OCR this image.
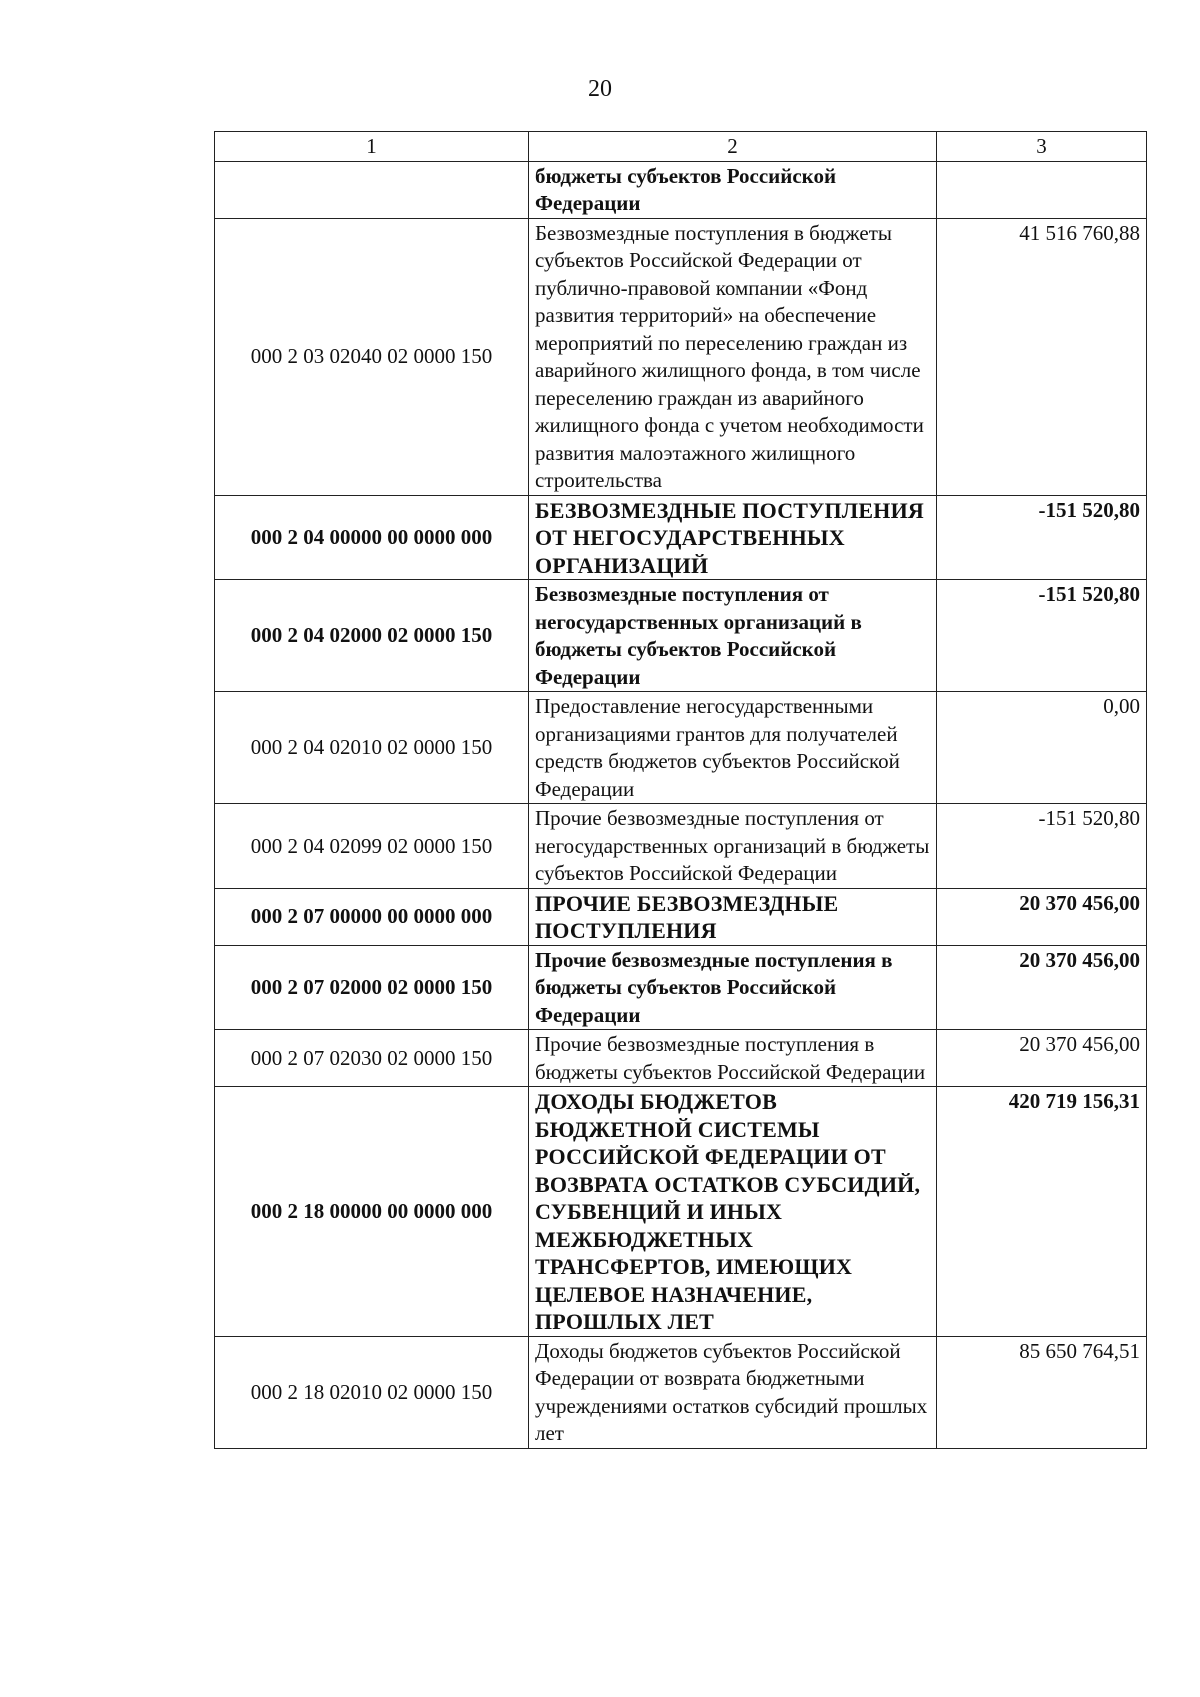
20
1	2	3
	бюджеты субъектов Российской Федерации	
000 2 03 02040 02 0000 150	Безвозмездные поступления в бюджеты субъектов Российской Федерации от публично-правовой компании «Фонд развития территорий» на обеспечение мероприятий по переселению граждан из аварийного жилищного фонда, в том числе переселению граждан из аварийного жилищного фонда с учетом необходимости развития малоэтажного жилищного строительства	41 516 760,88
000 2 04 00000 00 0000 000	БЕЗВОЗМЕЗДНЫЕ ПОСТУПЛЕНИЯ ОТ НЕГОСУДАРСТВЕННЫХ ОРГАНИЗАЦИЙ	-151 520,80
000 2 04 02000 02 0000 150	Безвозмездные поступления от негосударственных организаций в бюджеты субъектов Российской Федерации	-151 520,80
000 2 04 02010 02 0000 150	Предоставление негосударственными организациями грантов для получателей средств бюджетов субъектов Российской Федерации	0,00
000 2 04 02099 02 0000 150	Прочие безвозмездные поступления от негосударственных организаций в бюджеты субъектов Российской Федерации	-151 520,80
000 2 07 00000 00 0000 000	ПРОЧИЕ БЕЗВОЗМЕЗДНЫЕ ПОСТУПЛЕНИЯ	20 370 456,00
000 2 07 02000 02 0000 150	Прочие безвозмездные поступления в бюджеты субъектов Российской Федерации	20 370 456,00
000 2 07 02030 02 0000 150	Прочие безвозмездные поступления в бюджеты субъектов Российской Федерации	20 370 456,00
000 2 18 00000 00 0000 000	ДОХОДЫ БЮДЖЕТОВ БЮДЖЕТНОЙ СИСТЕМЫ РОССИЙСКОЙ ФЕДЕРАЦИИ ОТ ВОЗВРАТА ОСТАТКОВ СУБСИДИЙ, СУБВЕНЦИЙ И ИНЫХ МЕЖБЮДЖЕТНЫХ ТРАНСФЕРТОВ, ИМЕЮЩИХ ЦЕЛЕВОЕ НАЗНАЧЕНИЕ, ПРОШЛЫХ ЛЕТ	420 719 156,31
000 2 18 02010 02 0000 150	Доходы бюджетов субъектов Российской Федерации от возврата бюджетными учреждениями остатков субсидий прошлых лет	85 650 764,51
